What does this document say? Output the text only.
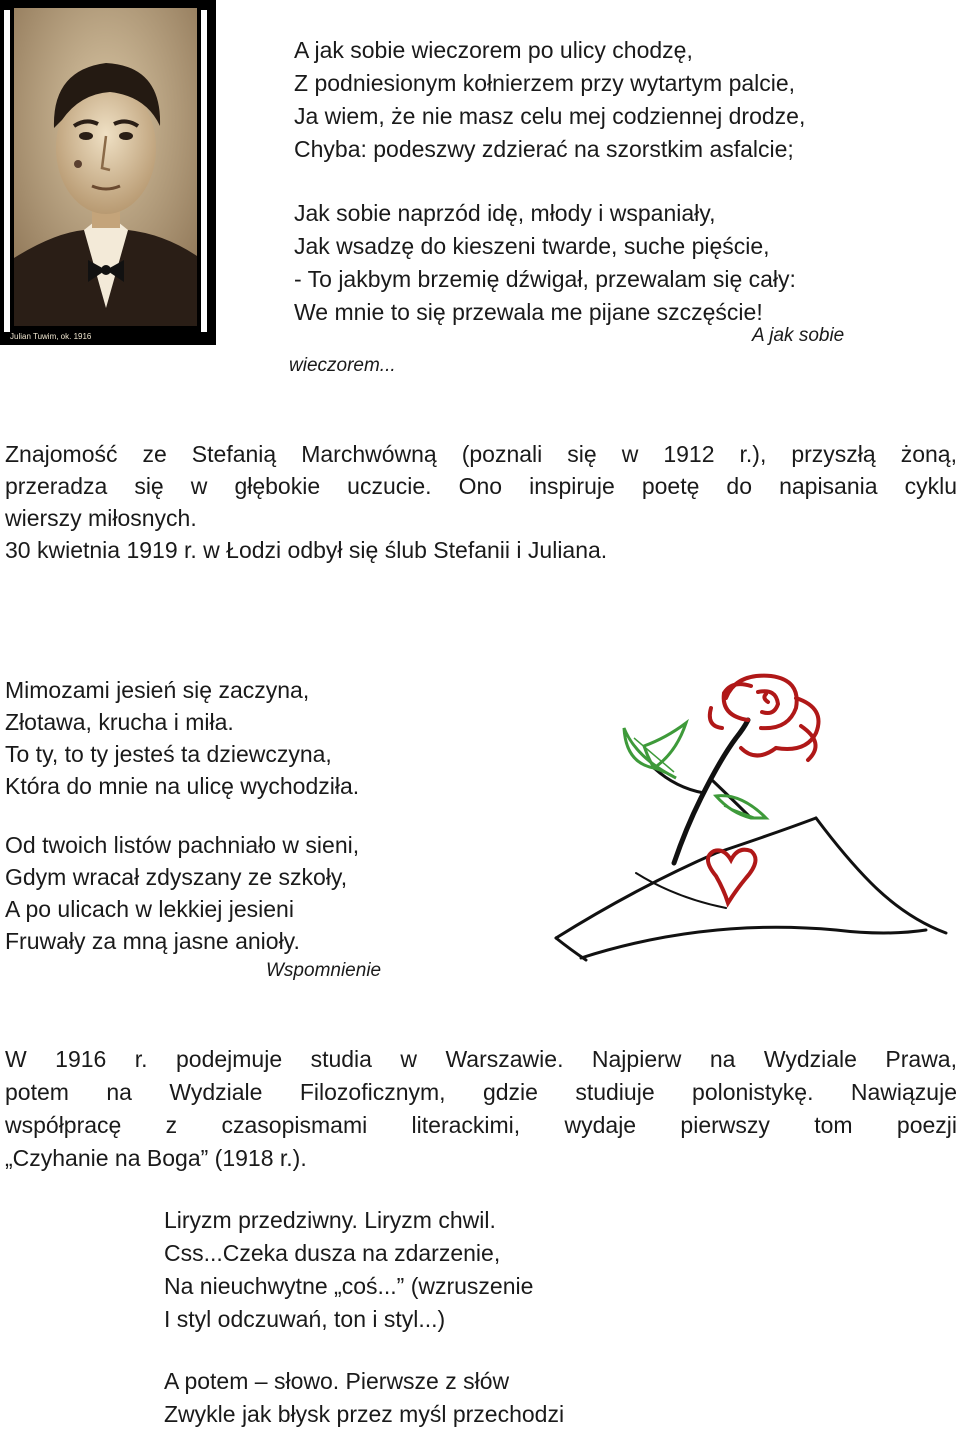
Julian Tuwim, ok. 1916
A jak sobie wieczorem po ulicy chodzę,
Z podniesionym kołnierzem przy wytartym palcie,
Ja wiem, że nie masz celu mej codziennej drodze,
Chyba: podeszwy zdzierać na szorstkim asfalcie;
Jak sobie naprzód idę, młody i wspaniały,
Jak wsadzę do kieszeni twarde, suche pięście,
- To jakbym brzemię dźwigał, przewalam się cały:
We mnie to się przewala me pijane szczęście!
A jak sobie
wieczorem...
Znajomość ze Stefanią Marchwówną (poznali się w 1912 r.), przyszłą żoną,
przeradza się w głębokie uczucie. Ono inspiruje poetę do napisania cyklu
wierszy miłosnych.
30 kwietnia 1919 r. w Łodzi odbył się ślub Stefanii i Juliana.
Mimozami jesień się zaczyna,
Złotawa, krucha i miła.
To ty, to ty jesteś ta dziewczyna,
Która do mnie na ulicę wychodziła.
Od twoich listów pachniało w sieni,
Gdym wracał zdyszany ze szkoły,
A po ulicach w lekkiej jesieni
Fruwały za mną jasne anioły.
Wspomnienie
W 1916 r. podejmuje studia w Warszawie. Najpierw na Wydziale Prawa,
potem na Wydziale Filozoficznym, gdzie studiuje polonistykę. Nawiązuje
współpracę z czasopismami literackimi, wydaje pierwszy tom poezji
„Czyhanie na Boga” (1918 r.).
Liryzm przedziwny. Liryzm chwil.
Css...Czeka dusza na zdarzenie,
Na nieuchwytne „coś...” (wzruszenie
I styl odczuwań, ton i styl...)
A potem – słowo. Pierwsze z słów
Zwykle jak błysk przez myśl przechodzi
